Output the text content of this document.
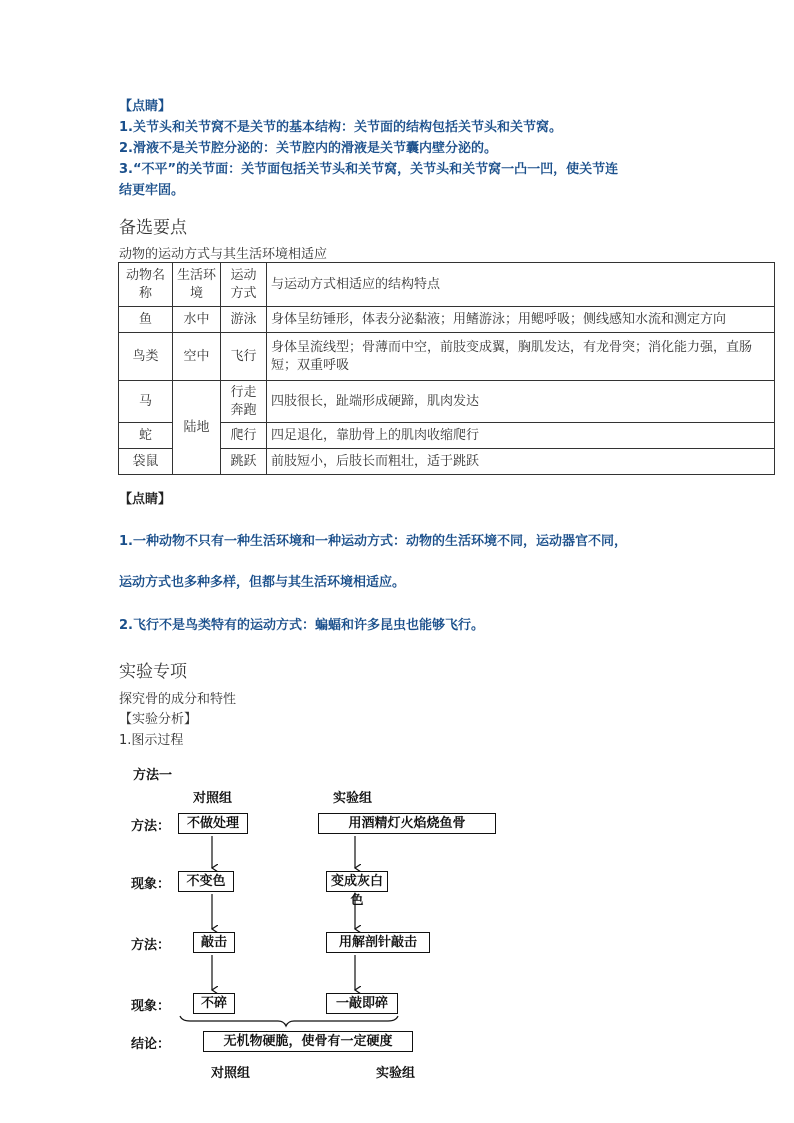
【点睛】
1.关节头和关节窝不是关节的基本结构：关节面的结构包括关节头和关节窝。
2.滑液不是关节腔分泌的：关节腔内的滑液是关节囊内壁分泌的。
3.“不平”的关节面：关节面包括关节头和关节窝，关节头和关节窝一凸一凹，使关节连
结更牢固。
备选要点
动物的运动方式与其生活环境相适应
动物名称	生活环境	运动方式	与运动方式相适应的结构特点
鱼	水中	游泳	身体呈纺锤形，体表分泌黏液；用鳍游泳；用鳃呼吸；侧线感知水流和测定方向
鸟类	空中	飞行	身体呈流线型；骨薄而中空，前肢变成翼，胸肌发达，有龙骨突；消化能力强，直肠短；双重呼吸
马	陆地	行走奔跑	四肢很长，趾端形成硬蹄，肌肉发达
蛇		爬行	四足退化，靠肋骨上的肌肉收缩爬行
袋鼠		跳跃	前肢短小，后肢长而粗壮，适于跳跃
【点睛】
1.一种动物不只有一种生活环境和一种运动方式：动物的生活环境不同，运动器官不同，
运动方式也多种多样，但都与其生活环境相适应。
2.飞行不是鸟类特有的运动方式：蝙蝠和许多昆虫也能够飞行。
实验专项
探究骨的成分和特性
【实验分析】
1.图示过程
方法一
对照组	实验组
方法：
现象：
方法：
现象：
结论：
不做处理
不变色
敲击
不碎
用酒精灯火焰烧鱼骨
变成灰白色
用解剖针敲击
一敲即碎
无机物硬脆，使骨有一定硬度
对照组	实验组
